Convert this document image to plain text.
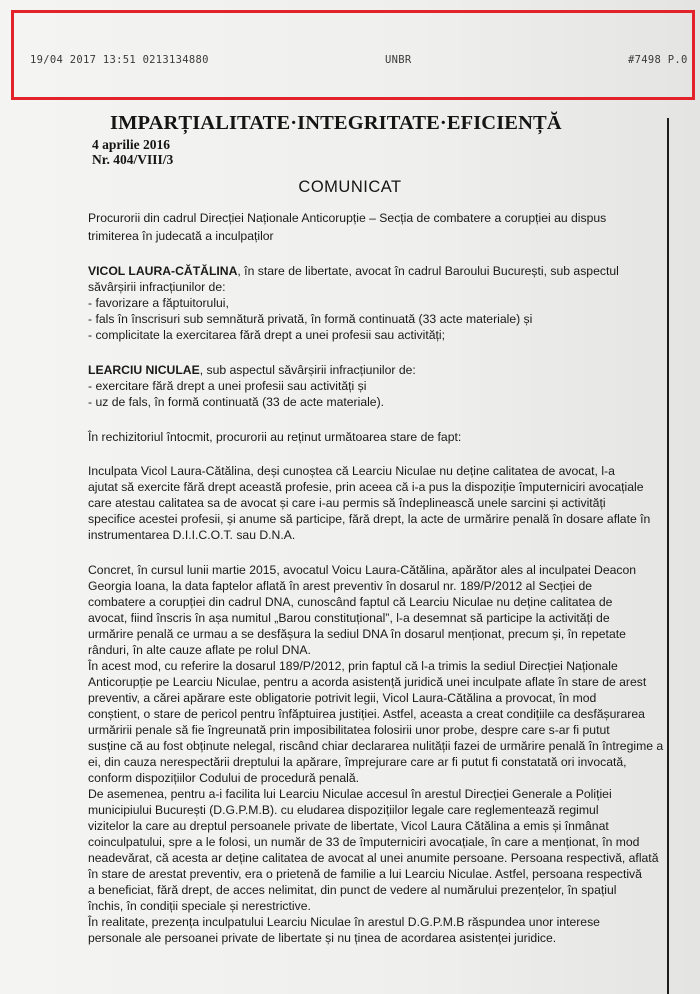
19/04 2017 13:51 0213134880	UNBR	#7498 P.0
IMPARȚIALITATE·INTEGRITATE·EFICIENȚĂ
4 aprilie 2016
Nr. 404/VIII/3
COMUNICAT
Procurorii din cadrul Direcției Naționale Anticorupție – Secția de combatere a corupției au dispus
trimiterea în judecată a inculpaților
VICOL LAURA-CĂTĂLINA, în stare de libertate, avocat în cadrul Baroului București, sub aspectul
săvârșirii infracțiunilor de:
- favorizare a făptuitorului,
- fals în înscrisuri sub semnătură privată, în formă continuată (33 acte materiale) și
- complicitate la exercitarea fără drept a unei profesii sau activități;
LEARCIU NICULAE, sub aspectul săvârșirii infracțiunilor de:
- exercitare fără drept a unei profesii sau activități și
- uz de fals, în formă continuată (33 de acte materiale).
În rechizitoriul întocmit, procurorii au reținut următoarea stare de fapt:
Inculpata Vicol Laura-Cătălina, deși cunoștea că Learciu Niculae nu deține calitatea de avocat, l-a
ajutat să exercite fără drept această profesie, prin aceea că i-a pus la dispoziție împuterniciri avocațiale
care atestau calitatea sa de avocat și care i-au permis să îndeplinească unele sarcini și activități
specifice acestei profesii, și anume să participe, fără drept, la acte de urmărire penală în dosare aflate în
instrumentarea D.I.I.C.O.T. sau D.N.A.
Concret, în cursul lunii martie 2015, avocatul Voicu Laura-Cătălina, apărător ales al inculpatei Deacon
Georgia Ioana, la data faptelor aflată în arest preventiv în dosarul nr. 189/P/2012 al Secției de
combatere a corupției din cadrul DNA, cunoscând faptul că Learciu Niculae nu deține calitatea de
avocat, fiind înscris în așa numitul „Barou constituțional”, l-a desemnat să participe la activități de
urmărire penală ce urmau a se desfășura la sediul DNA în dosarul menționat, precum și, în repetate
rânduri, în alte cauze aflate pe rolul DNA.
În acest mod, cu referire la dosarul 189/P/2012, prin faptul că l-a trimis la sediul Direcției Naționale
Anticorupție pe Learciu Niculae, pentru a acorda asistență juridică unei inculpate aflate în stare de arest
preventiv, a cărei apărare este obligatorie potrivit legii, Vicol Laura-Cătălina a provocat, în mod
conștient, o stare de pericol pentru înfăptuirea justiției. Astfel, aceasta a creat condițiile ca desfășurarea
urmăririi penale să fie îngreunată prin imposibilitatea folosirii unor probe, despre care s-ar fi putut
susține că au fost obținute nelegal, riscând chiar declararea nulității fazei de urmărire penală în întregime a
ei, din cauza nerespectării dreptului la apărare, împrejurare care ar fi putut fi constatată ori invocată,
conform dispozițiilor Codului de procedură penală.
De asemenea, pentru a-i facilita lui Learciu Niculae accesul în arestul Direcției Generale a Poliției
municipiului București (D.G.P.M.B). cu eludarea dispozițiilor legale care reglementează regimul
vizitelor la care au dreptul persoanele private de libertate, Vicol Laura Cătălina a emis și înmânat
coinculpatului, spre a le folosi, un număr de 33 de împuterniciri avocațiale, în care a menționat, în mod
neadevărat, că acesta ar deține calitatea de avocat al unei anumite persoane. Persoana respectivă, aflată
în stare de arestat preventiv, era o prietenă de familie a lui Learciu Niculae. Astfel, persoana respectivă
a beneficiat, fără drept, de acces nelimitat, din punct de vedere al numărului prezențelor, în spațiul
închis, în condiții speciale și nerestrictive.
În realitate, prezența inculpatului Learciu Niculae în arestul D.G.P.M.B răspundea unor interese
personale ale persoanei private de libertate și nu ținea de acordarea asistenței juridice.
